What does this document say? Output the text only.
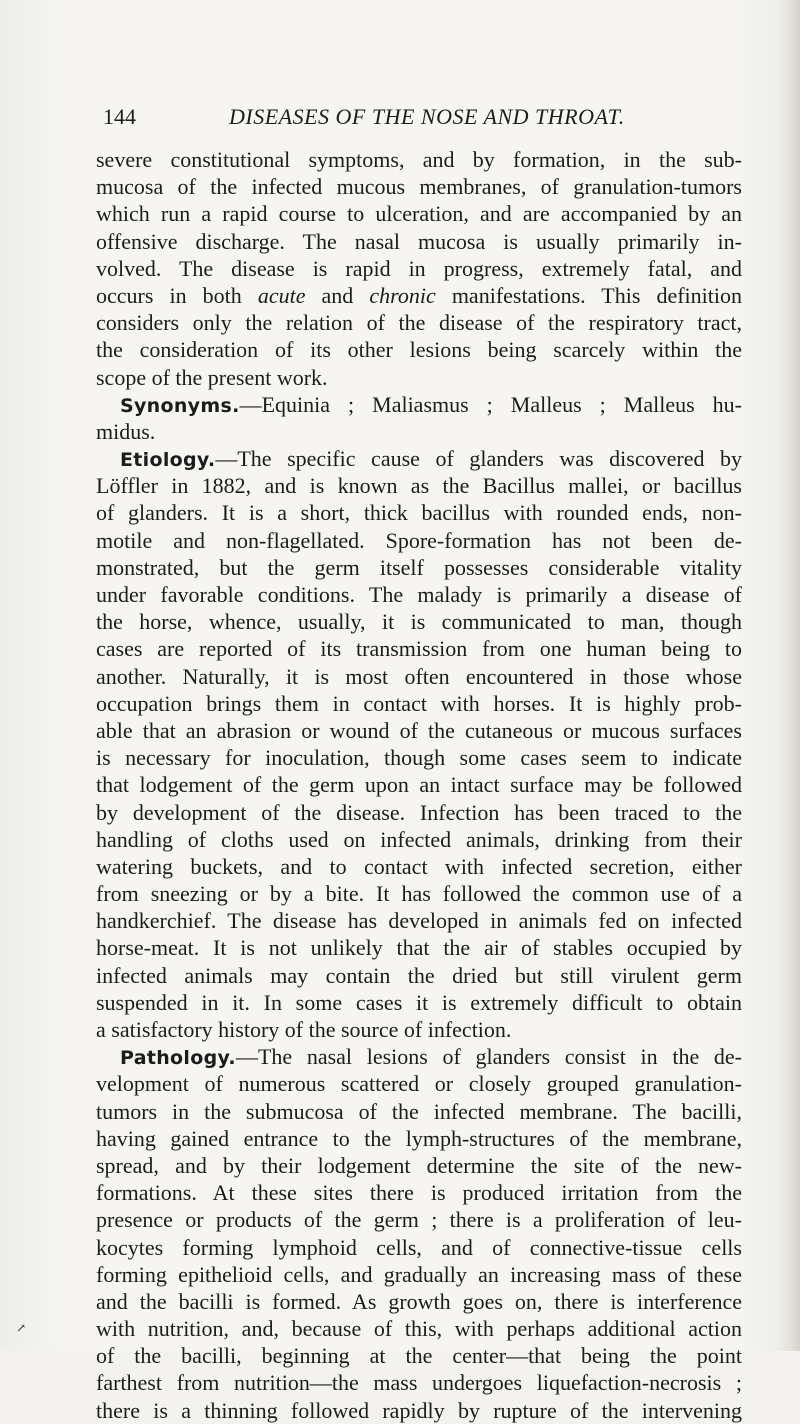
144	DISEASES OF THE NOSE AND THROAT.
severe constitutional symptoms, and by formation, in the sub-
mucosa of the infected mucous membranes, of granulation-tumors
which run a rapid course to ulceration, and are accompanied by an
offensive discharge. The nasal mucosa is usually primarily in-
volved. The disease is rapid in progress, extremely fatal, and
occurs in both acute and chronic manifestations. This definition
considers only the relation of the disease of the respiratory tract,
the consideration of its other lesions being scarcely within the
scope of the present work.
Synonyms.—Equinia ; Maliasmus ; Malleus ; Malleus hu-
midus.
Etiology.—The specific cause of glanders was discovered by
Löffler in 1882, and is known as the Bacillus mallei, or bacillus
of glanders. It is a short, thick bacillus with rounded ends, non-
motile and non-flagellated. Spore-formation has not been de-
monstrated, but the germ itself possesses considerable vitality
under favorable conditions. The malady is primarily a disease of
the horse, whence, usually, it is communicated to man, though
cases are reported of its transmission from one human being to
another. Naturally, it is most often encountered in those whose
occupation brings them in contact with horses. It is highly prob-
able that an abrasion or wound of the cutaneous or mucous surfaces
is necessary for inoculation, though some cases seem to indicate
that lodgement of the germ upon an intact surface may be followed
by development of the disease. Infection has been traced to the
handling of cloths used on infected animals, drinking from their
watering buckets, and to contact with infected secretion, either
from sneezing or by a bite. It has followed the common use of a
handkerchief. The disease has developed in animals fed on infected
horse-meat. It is not unlikely that the air of stables occupied by
infected animals may contain the dried but still virulent germ
suspended in it. In some cases it is extremely difficult to obtain
a satisfactory history of the source of infection.
Pathology.—The nasal lesions of glanders consist in the de-
velopment of numerous scattered or closely grouped granulation-
tumors in the submucosa of the infected membrane. The bacilli,
having gained entrance to the lymph-structures of the membrane,
spread, and by their lodgement determine the site of the new-
formations. At these sites there is produced irritation from the
presence or products of the germ ; there is a proliferation of leu-
kocytes forming lymphoid cells, and of connective-tissue cells
forming epithelioid cells, and gradually an increasing mass of these
and the bacilli is formed. As growth goes on, there is interference
with nutrition, and, because of this, with perhaps additional action
of the bacilli, beginning at the center—that being the point
farthest from nutrition—the mass undergoes liquefaction-necrosis ;
there is a thinning followed rapidly by rupture of the intervening
↗
